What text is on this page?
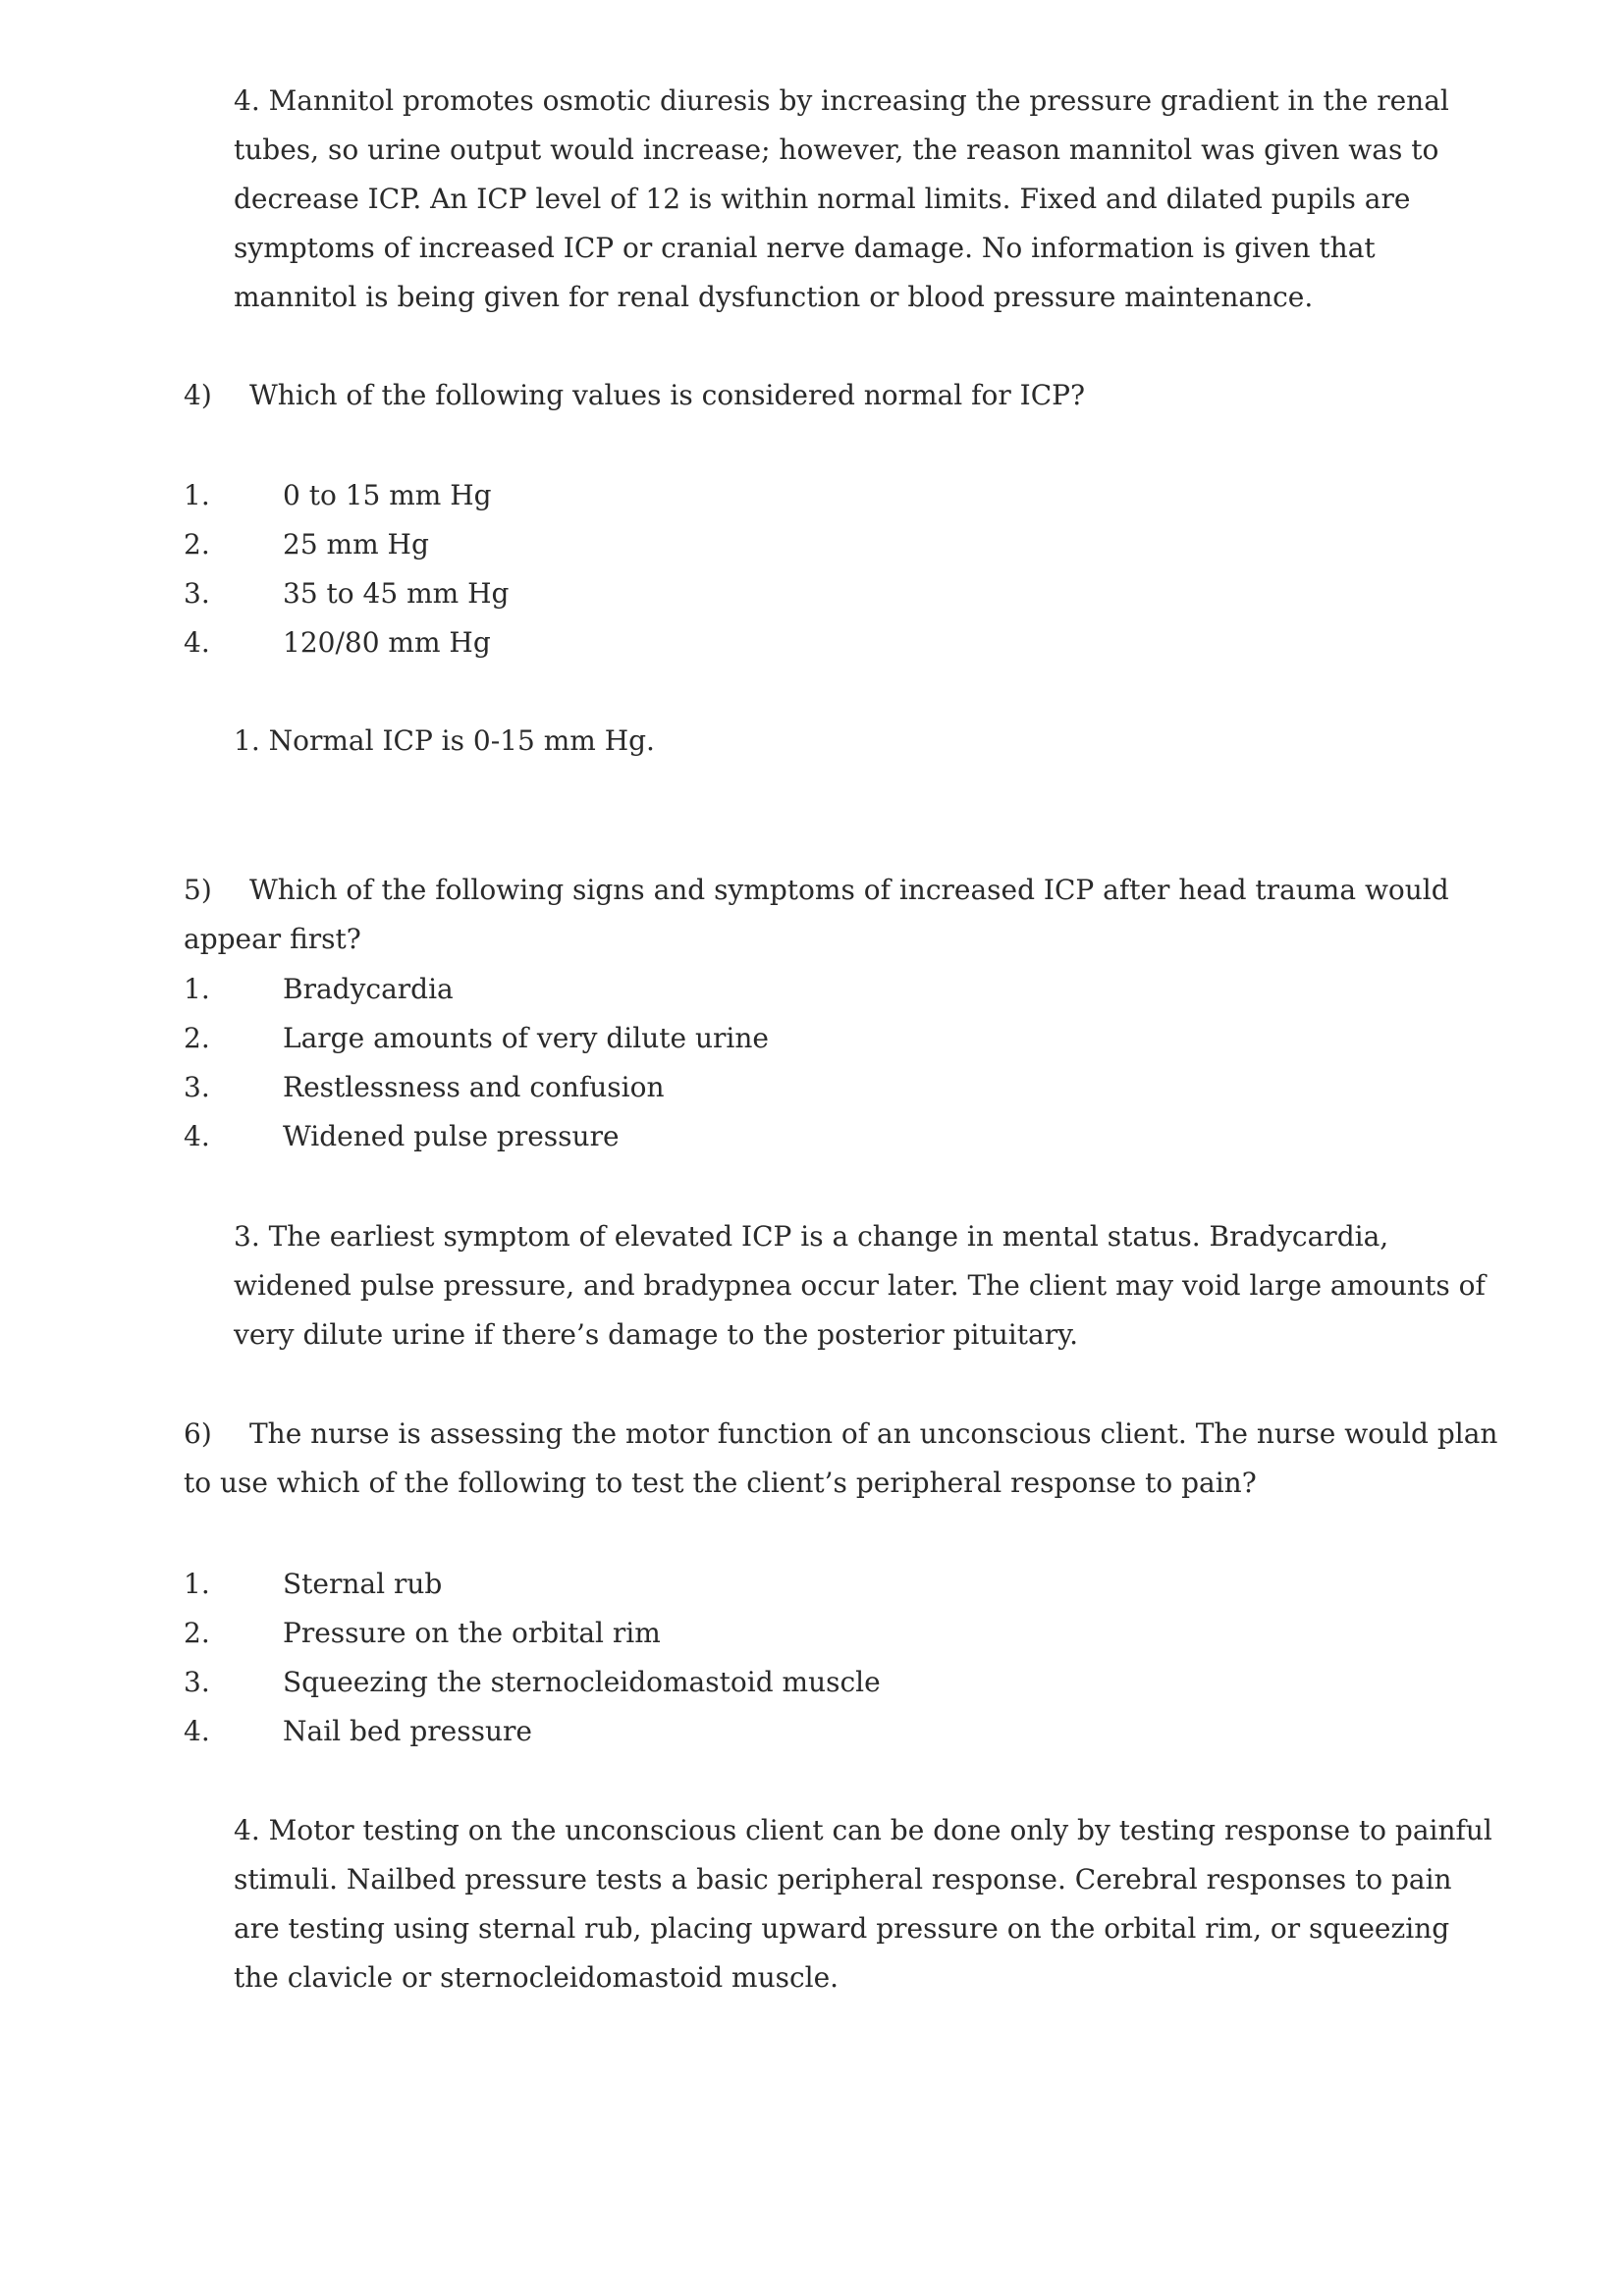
4. Mannitol promotes osmotic diuresis by increasing the pressure gradient in the renal tubes, so urine output would increase; however, the reason mannitol was given was to decrease ICP. An ICP level of 12 is within normal limits. Fixed and dilated pupils are symptoms of increased ICP or cranial nerve damage. No information is given that mannitol is being given for renal dysfunction or blood pressure maintenance.

4) Which of the following values is considered normal for ICP?

1.	0 to 15 mm Hg
2.	25 mm Hg
3.	35 to 45 mm Hg
4.	120/80 mm Hg

1. Normal ICP is 0-15 mm Hg.

5) Which of the following signs and symptoms of increased ICP after head trauma would appear first?

1.	Bradycardia
2.	Large amounts of very dilute urine
3.	Restlessness and confusion
4.	Widened pulse pressure

3. The earliest symptom of elevated ICP is a change in mental status. Bradycardia, widened pulse pressure, and bradypnea occur later. The client may void large amounts of very dilute urine if there’s damage to the posterior pituitary.

6) The nurse is assessing the motor function of an unconscious client. The nurse would plan to use which of the following to test the client’s peripheral response to pain?

1.	Sternal rub
2.	Pressure on the orbital rim
3.	Squeezing the sternocleidomastoid muscle
4.	Nail bed pressure

4. Motor testing on the unconscious client can be done only by testing response to painful stimuli. Nailbed pressure tests a basic peripheral response. Cerebral responses to pain are testing using sternal rub, placing upward pressure on the orbital rim, or squeezing the clavicle or sternocleidomastoid muscle.
